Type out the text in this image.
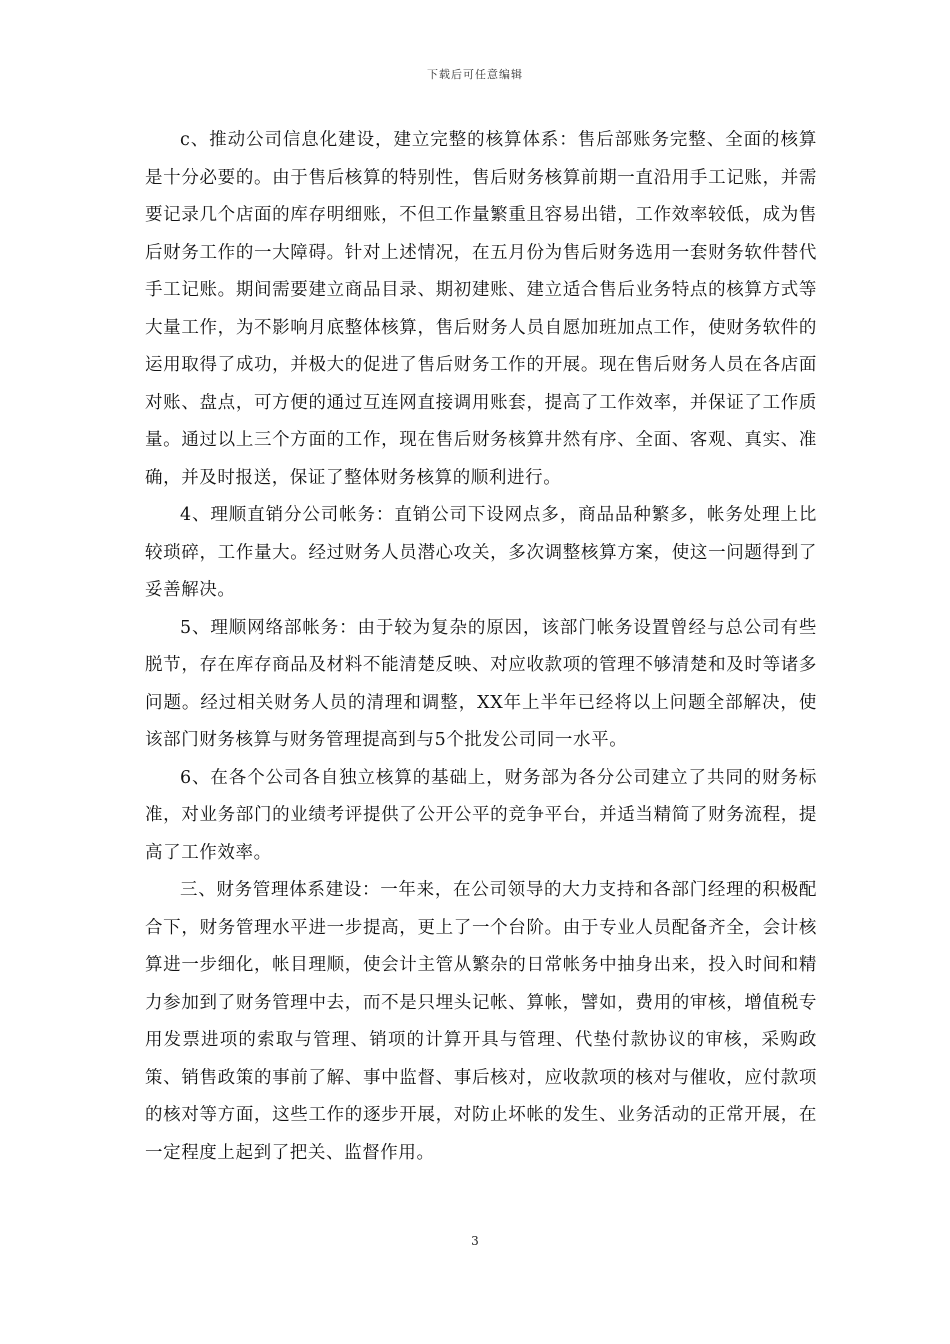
下载后可任意编辑

c、推动公司信息化建设，建立完整的核算体系：售后部账务完整、全面的核算是十分必要的。由于售后核算的特别性，售后财务核算前期一直沿用手工记账，并需要记录几个店面的库存明细账，不但工作量繁重且容易出错，工作效率较低，成为售后财务工作的一大障碍。针对上述情况，在五月份为售后财务选用一套财务软件替代手工记账。期间需要建立商品目录、期初建账、建立适合售后业务特点的核算方式等大量工作，为不影响月底整体核算，售后财务人员自愿加班加点工作，使财务软件的运用取得了成功，并极大的促进了售后财务工作的开展。现在售后财务人员在各店面对账、盘点，可方便的通过互连网直接调用账套，提高了工作效率，并保证了工作质量。通过以上三个方面的工作，现在售后财务核算井然有序、全面、客观、真实、准确，并及时报送，保证了整体财务核算的顺利进行。

4、理顺直销分公司帐务：直销公司下设网点多，商品品种繁多，帐务处理上比较琐碎，工作量大。经过财务人员潜心攻关，多次调整核算方案，使这一问题得到了妥善解决。

5、理顺网络部帐务：由于较为复杂的原因，该部门帐务设置曾经与总公司有些脱节，存在库存商品及材料不能清楚反映、对应收款项的管理不够清楚和及时等诸多问题。经过相关财务人员的清理和调整，XX年上半年已经将以上问题全部解决，使该部门财务核算与财务管理提高到与5个批发公司同一水平。

6、在各个公司各自独立核算的基础上，财务部为各分公司建立了共同的财务标准，对业务部门的业绩考评提供了公开公平的竞争平台，并适当精简了财务流程，提高了工作效率。

三、财务管理体系建设：一年来，在公司领导的大力支持和各部门经理的积极配合下，财务管理水平进一步提高，更上了一个台阶。由于专业人员配备齐全，会计核算进一步细化，帐目理顺，使会计主管从繁杂的日常帐务中抽身出来，投入时间和精力参加到了财务管理中去，而不是只埋头记帐、算帐，譬如，费用的审核，增值税专用发票进项的索取与管理、销项的计算开具与管理、代垫付款协议的审核，采购政策、销售政策的事前了解、事中监督、事后核对，应收款项的核对与催收，应付款项的核对等方面，这些工作的逐步开展，对防止坏帐的发生、业务活动的正常开展，在一定程度上起到了把关、监督作用。

3
